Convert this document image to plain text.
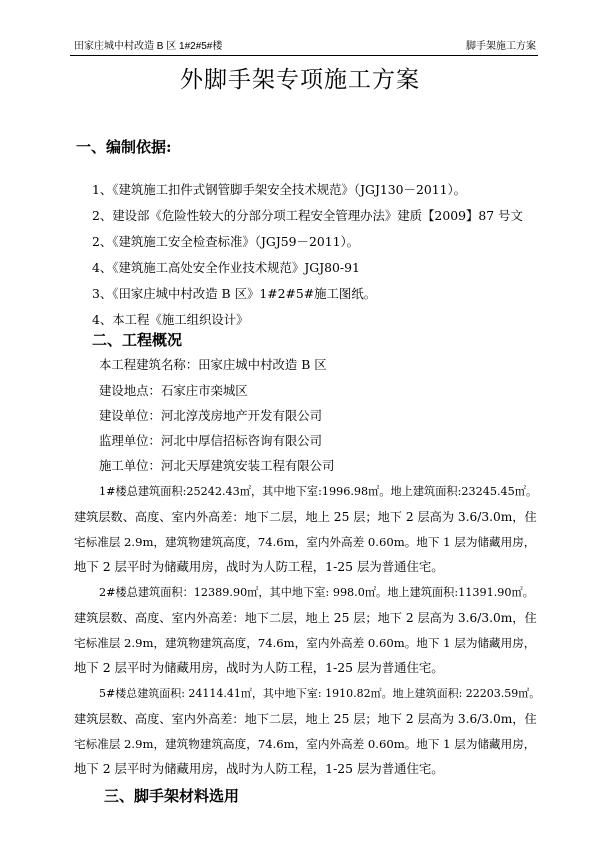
田家庄城中村改造 B 区 1#2#5#楼	脚手架施工方案
外脚手架专项施工方案
一、编制依据:
1、《建筑施工扣件式钢管脚手架安全技术规范》（JGJ130－2011）。
2、建设部《危险性较大的分部分项工程安全管理办法》建质【2009】87 号文
2、《建筑施工安全检查标准》（JGJ59－2011）。
4、《建筑施工高处安全作业技术规范》JGJ80-91
3、《田家庄城中村改造 B 区》1#2#5#施工图纸。
4、本工程《施工组织设计》
二、工程概况
本工程建筑名称：田家庄城中村改造 B 区
建设地点：石家庄市栾城区
建设单位：河北淳茂房地产开发有限公司
监理单位：河北中厚信招标咨询有限公司
施工单位：河北天厚建筑安装工程有限公司
1#楼总建筑面积:25242.43㎡，其中地下室:1996.98㎡。地上建筑面积:23245.45㎡。
建筑层数、高度、室内外高差：地下二层，地上 25 层；地下 2 层高为 3.6/3.0m，住
宅标准层 2.9m，建筑物建筑高度，74.6m，室内外高差 0.60m。地下 1 层为储藏用房，
地下 2 层平时为储藏用房，战时为人防工程，1-25 层为普通住宅。
2#楼总建筑面积：12389.90㎡，其中地下室: 998.0㎡。地上建筑面积:11391.90㎡。
建筑层数、高度、室内外高差：地下二层，地上 25 层；地下 2 层高为 3.6/3.0m，住
宅标准层 2.9m，建筑物建筑高度，74.6m，室内外高差 0.60m。地下 1 层为储藏用房，
地下 2 层平时为储藏用房，战时为人防工程，1-25 层为普通住宅。
5#楼总建筑面积: 24114.41㎡，其中地下室: 1910.82㎡。地上建筑面积: 22203.59㎡。
建筑层数、高度、室内外高差：地下二层，地上 25 层；地下 2 层高为 3.6/3.0m，住
宅标准层 2.9m，建筑物建筑高度，74.6m，室内外高差 0.60m。地下 1 层为储藏用房，
地下 2 层平时为储藏用房，战时为人防工程，1-25 层为普通住宅。
三、脚手架材料选用
